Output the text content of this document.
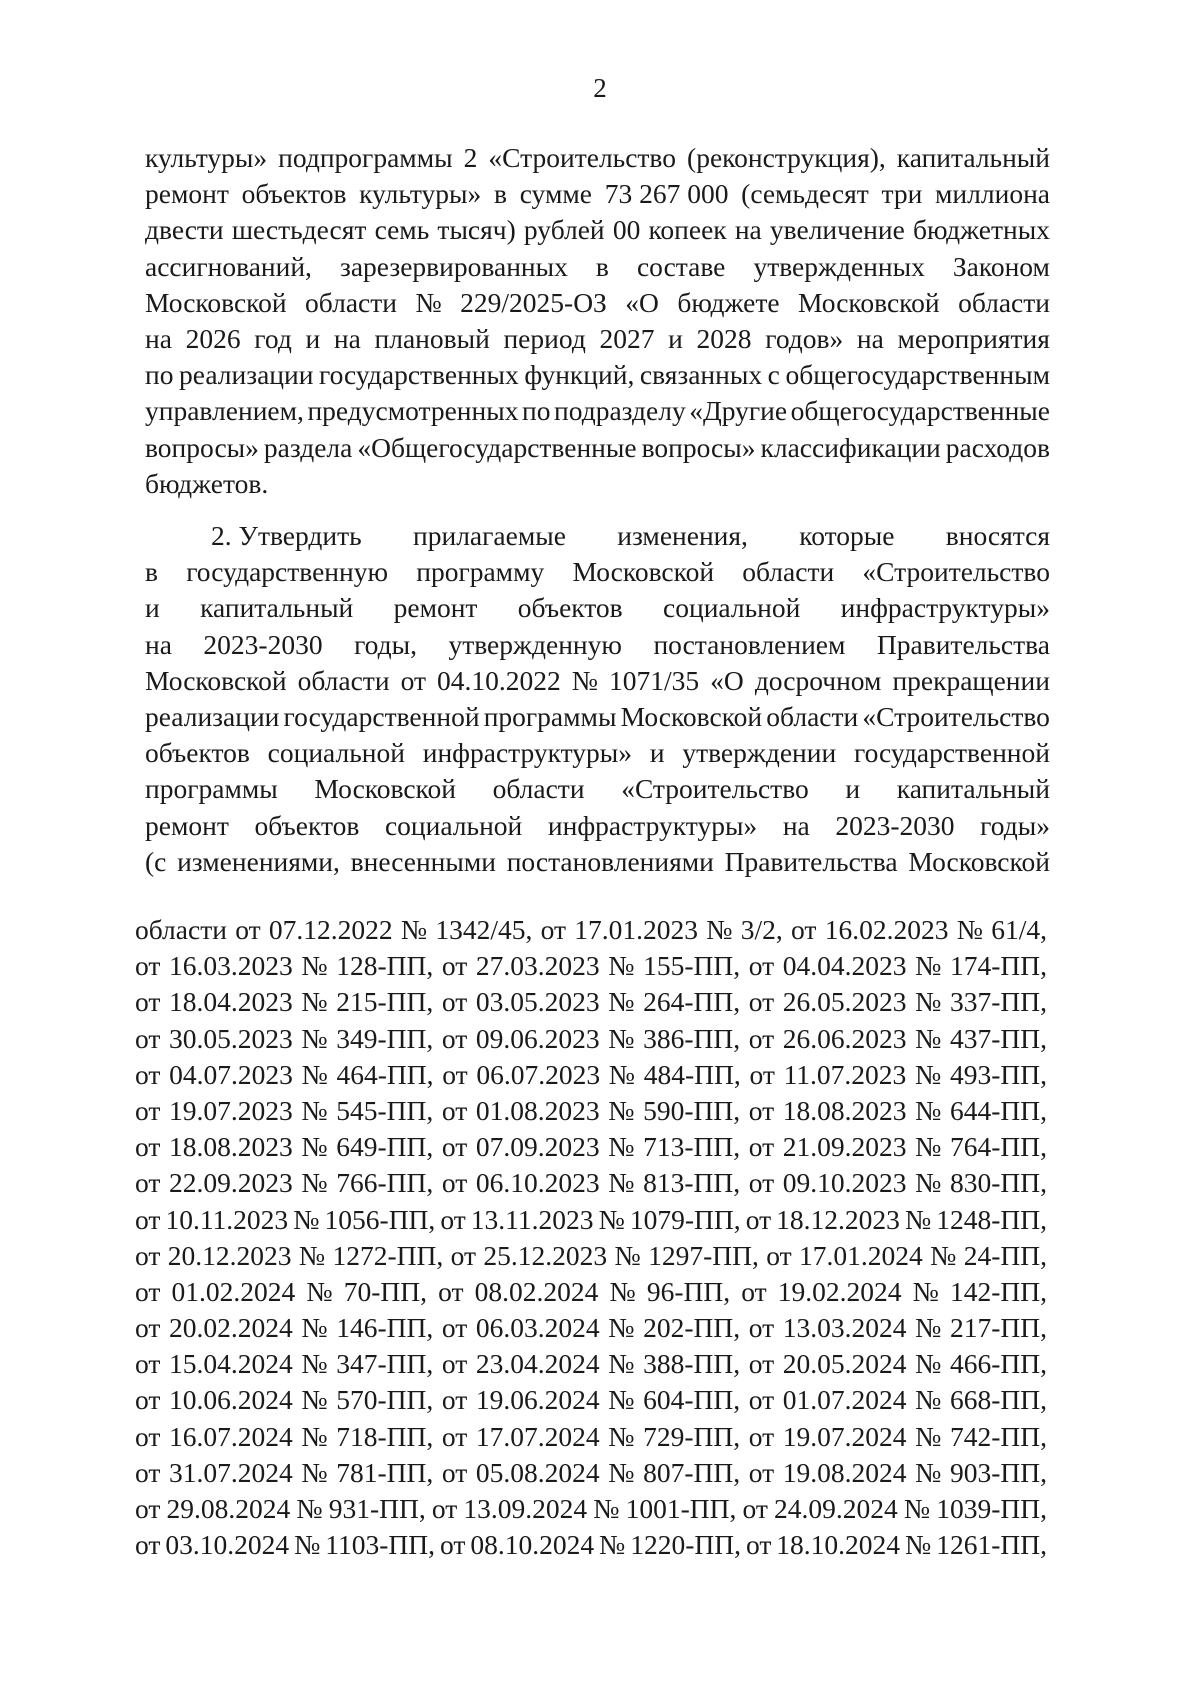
2
культуры» подпрограммы 2 «Строительство (реконструкция), капитальный
ремонт объектов культуры» в сумме 73 267 000 (семьдесят три миллиона
двести шестьдесят семь тысяч) рублей 00 копеек на увеличение бюджетных
ассигнований, зарезервированных в составе утвержденных Законом
Московской области № 229/2025-ОЗ «О бюджете Московской области
на 2026 год и на плановый период 2027 и 2028 годов» на мероприятия
по реализации государственных функций, связанных с общегосударственным
управлением, предусмотренных по подразделу «Другие общегосударственные
вопросы» раздела «Общегосударственные вопросы» классификации расходов
бюджетов.
2. Утвердить прилагаемые изменения, которые вносятся
в государственную программу Московской области «Строительство
и капитальный ремонт объектов социальной инфраструктуры»
на 2023-2030 годы, утвержденную постановлением Правительства
Московской области от 04.10.2022 № 1071/35 «О досрочном прекращении
реализации государственной программы Московской области «Строительство
объектов социальной инфраструктуры» и утверждении государственной
программы Московской области «Строительство и капитальный
ремонт объектов социальной инфраструктуры» на 2023-2030 годы»
(с изменениями, внесенными постановлениями Правительства Московской
области от 07.12.2022 № 1342/45, от 17.01.2023 № 3/2, от 16.02.2023 № 61/4,
от 16.03.2023 № 128-ПП, от 27.03.2023 № 155-ПП, от 04.04.2023 № 174-ПП,
от 18.04.2023 № 215-ПП, от 03.05.2023 № 264-ПП, от 26.05.2023 № 337-ПП,
от 30.05.2023 № 349-ПП, от 09.06.2023 № 386-ПП, от 26.06.2023 № 437-ПП,
от 04.07.2023 № 464-ПП, от 06.07.2023 № 484-ПП, от 11.07.2023 № 493-ПП,
от 19.07.2023 № 545-ПП, от 01.08.2023 № 590-ПП, от 18.08.2023 № 644-ПП,
от 18.08.2023 № 649-ПП, от 07.09.2023 № 713-ПП, от 21.09.2023 № 764-ПП,
от 22.09.2023 № 766-ПП, от 06.10.2023 № 813-ПП, от 09.10.2023 № 830-ПП,
от 10.11.2023 № 1056-ПП, от 13.11.2023 № 1079-ПП, от 18.12.2023 № 1248-ПП,
от 20.12.2023 № 1272-ПП, от 25.12.2023 № 1297-ПП, от 17.01.2024 № 24-ПП,
от 01.02.2024 № 70-ПП, от 08.02.2024 № 96-ПП, от 19.02.2024 № 142-ПП,
от 20.02.2024 № 146-ПП, от 06.03.2024 № 202-ПП, от 13.03.2024 № 217-ПП,
от 15.04.2024 № 347-ПП, от 23.04.2024 № 388-ПП, от 20.05.2024 № 466-ПП,
от 10.06.2024 № 570-ПП, от 19.06.2024 № 604-ПП, от 01.07.2024 № 668-ПП,
от 16.07.2024 № 718-ПП, от 17.07.2024 № 729-ПП, от 19.07.2024 № 742-ПП,
от 31.07.2024 № 781-ПП, от 05.08.2024 № 807-ПП, от 19.08.2024 № 903-ПП,
от 29.08.2024 № 931-ПП, от 13.09.2024 № 1001-ПП, от 24.09.2024 № 1039-ПП,
от 03.10.2024 № 1103-ПП, от 08.10.2024 № 1220-ПП, от 18.10.2024 № 1261-ПП,
